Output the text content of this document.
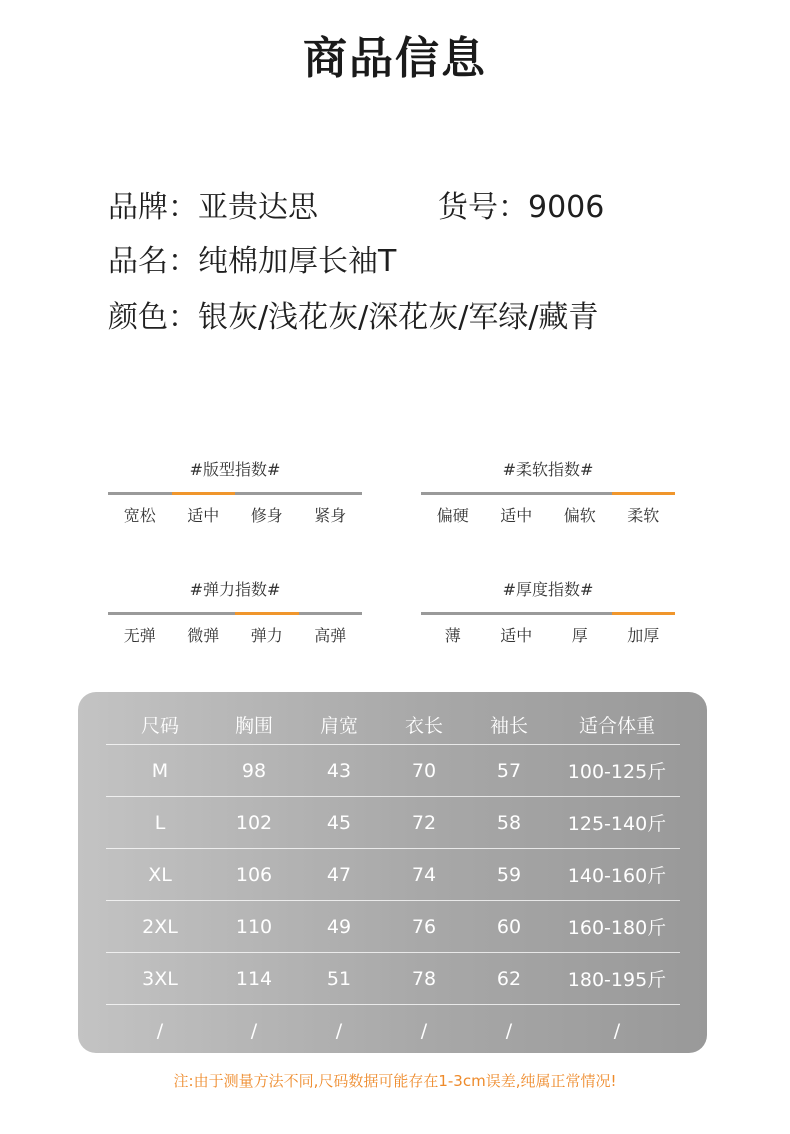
商品信息
品牌：亚贵达思	货号：9006
品名：纯棉加厚长袖T
颜色：银灰/浅花灰/深花灰/军绿/藏青
#版型指数#
宽松	适中	修身	紧身
#柔软指数#
偏硬	适中	偏软	柔软
#弹力指数#
无弹	微弹	弹力	高弹
#厚度指数#
薄	适中	厚	加厚
尺码	胸围	肩宽	衣长	袖长	适合体重
M	98	43	70	57	100-125斤
L	102	45	72	58	125-140斤
XL	106	47	74	59	140-160斤
2XL	110	49	76	60	160-180斤
3XL	114	51	78	62	180-195斤
/	/	/	/	/	/
注:由于测量方法不同,尺码数据可能存在1-3cm误差,纯属正常情况!
